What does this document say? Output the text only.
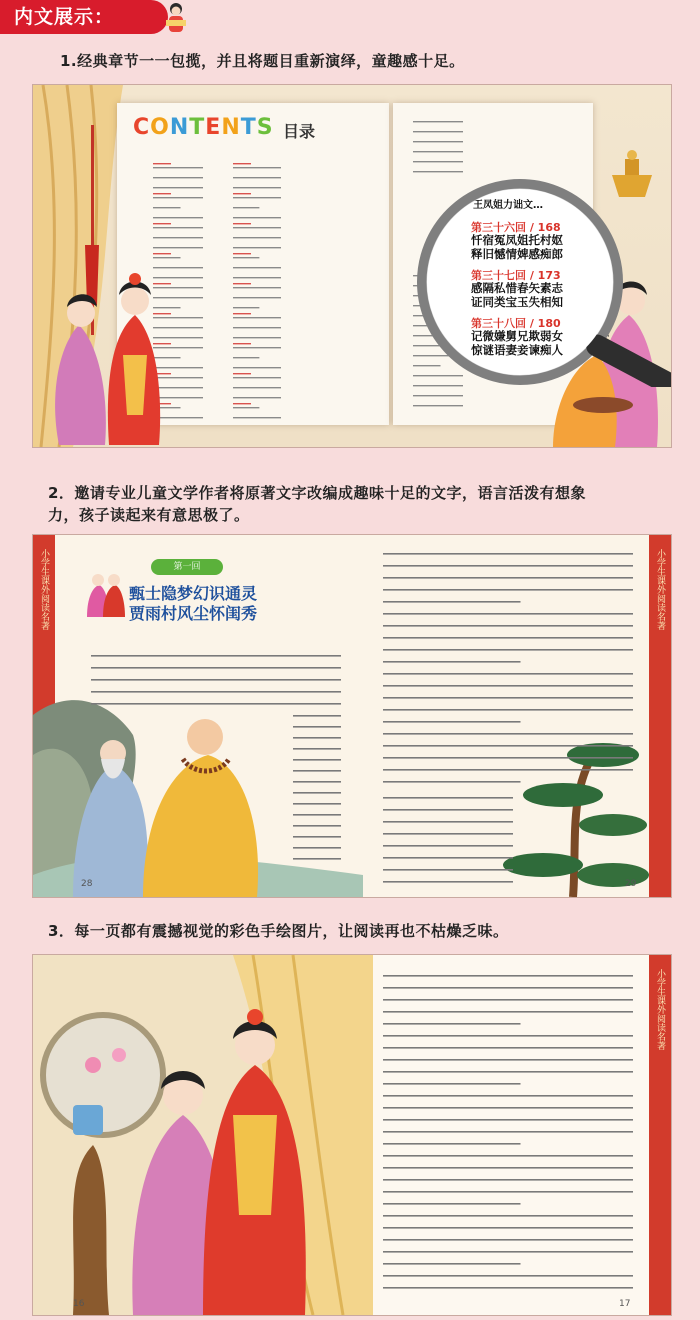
内文展示：
1.经典章节一一包揽，并且将题目重新演绎，童趣感十足。
CONTENTS 目录
王凤姐力诎文…
第三十六回 / 168
忏宿冤凤姐托村妪
释旧憾情婢感痴郎
第三十七回 / 173
感隔私惜春矢素志
证同类宝玉失相知
第三十八回 / 180
记微嫌舅兄欺弱女
惊谜语妻妾谏痴人
2．邀请专业儿童文学作者将原著文字改编成趣味十足的文字，语言活泼有想象
力，孩子读起来有意思极了。
小学生课外阅读名著	小学生课外阅读名著
第一回
甄士隐梦幻识通灵
贾雨村风尘怀闺秀
28	29
3．每一页都有震撼视觉的彩色手绘图片，让阅读再也不枯燥乏味。
小学生课外阅读名著
16	17
